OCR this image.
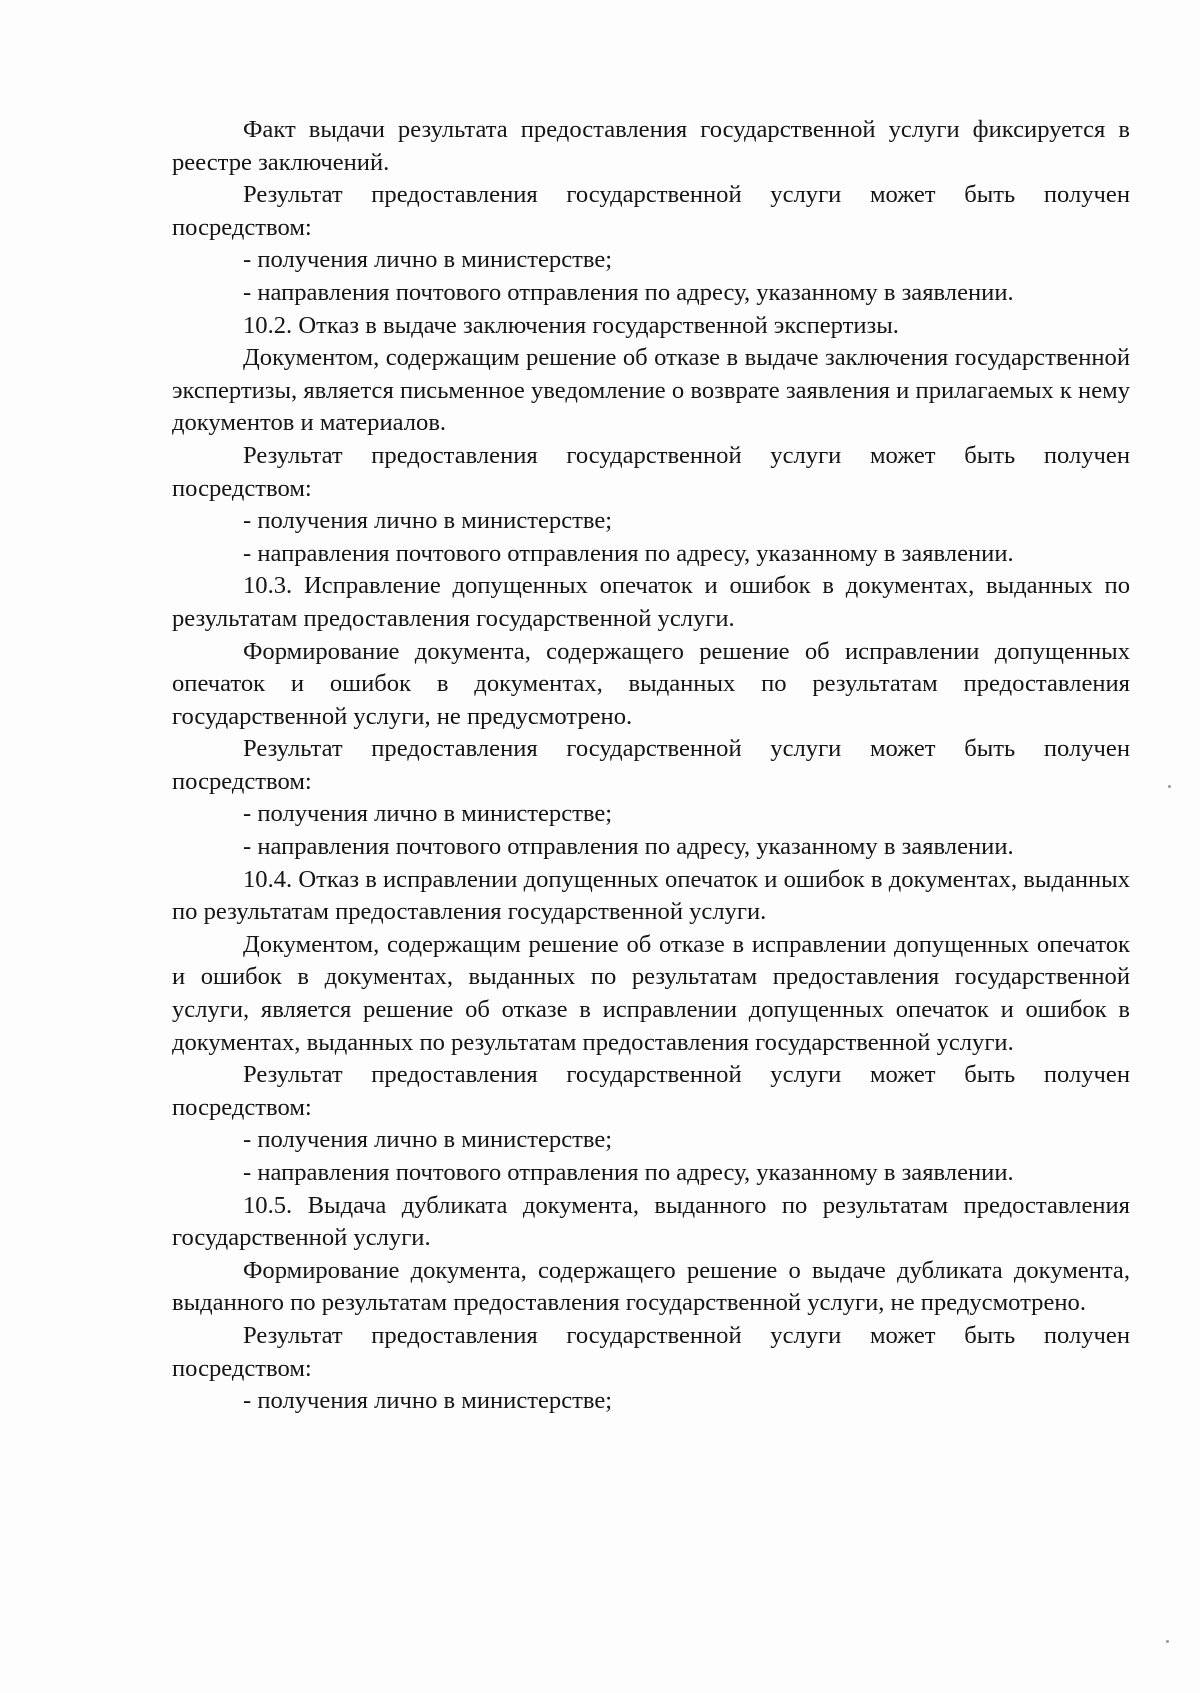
Факт выдачи результата предоставления государственной услуги фиксируется в реестре заключений.

Результат предоставления государственной услуги может быть получен посредством:

- получения лично в министерстве;

- направления почтового отправления по адресу, указанному в заявлении.

10.2. Отказ в выдаче заключения государственной экспертизы.

Документом, содержащим решение об отказе в выдаче заключения государственной экспертизы, является письменное уведомление о возврате заявления и прилагаемых к нему документов и материалов.

Результат предоставления государственной услуги может быть получен посредством:

- получения лично в министерстве;

- направления почтового отправления по адресу, указанному в заявлении.

10.3. Исправление допущенных опечаток и ошибок в документах, выданных по результатам предоставления государственной услуги.

Формирование документа, содержащего решение об исправлении допущенных опечаток и ошибок в документах, выданных по результатам предоставления государственной услуги, не предусмотрено.

Результат предоставления государственной услуги может быть получен посредством:

- получения лично в министерстве;

- направления почтового отправления по адресу, указанному в заявлении.

10.4. Отказ в исправлении допущенных опечаток и ошибок в документах, выданных по результатам предоставления государственной услуги.

Документом, содержащим решение об отказе в исправлении допущенных опечаток и ошибок в документах, выданных по результатам предоставления государственной услуги, является решение об отказе в исправлении допущенных опечаток и ошибок в документах, выданных по результатам предоставления государственной услуги.

Результат предоставления государственной услуги может быть получен посредством:

- получения лично в министерстве;

- направления почтового отправления по адресу, указанному в заявлении.

10.5. Выдача дубликата документа, выданного по результатам предоставления государственной услуги.

Формирование документа, содержащего решение о выдаче дубликата документа, выданного по результатам предоставления государственной услуги, не предусмотрено.

Результат предоставления государственной услуги может быть получен посредством:

- получения лично в министерстве;
